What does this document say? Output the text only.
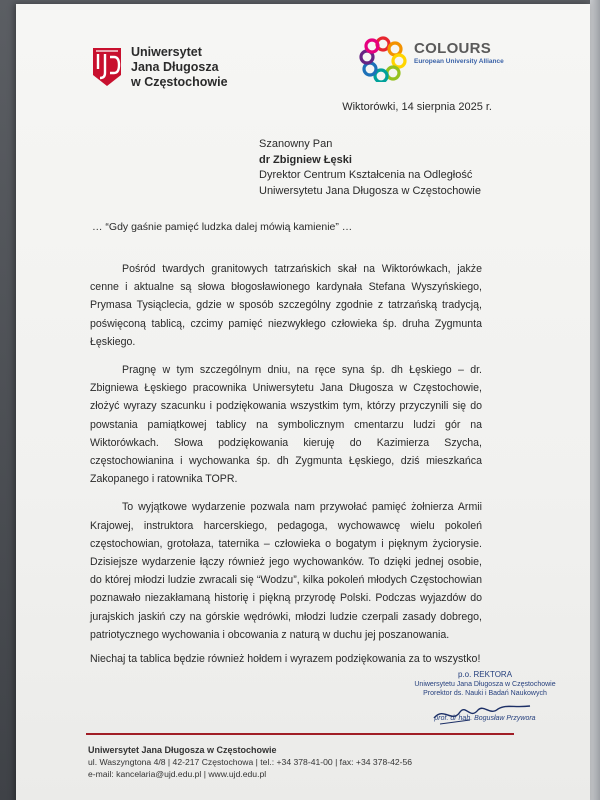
Uniwersytet
Jana Długosza
w Częstochowie
COLOURS
European University Alliance
Wiktorówki, 14 sierpnia 2025 r.
Szanowny Pan
dr Zbigniew Łęski
Dyrektor Centrum Kształcenia na Odległość
Uniwersytetu Jana Długosza w Częstochowie
… “Gdy gaśnie pamięć ludzka dalej mówią kamienie” …

Pośród twardych granitowych tatrzańskich skał na Wiktorówkach, jakże cenne i aktualne są słowa błogosławionego kardynała Stefana Wyszyńskiego, Prymasa Tysiąclecia, gdzie w sposób szczególny zgodnie z tatrzańską tradycją, poświęconą tablicą, czcimy pamięć niezwykłego człowieka śp. druha Zygmunta Łęskiego.

Pragnę w tym szczególnym dniu, na ręce syna śp. dh Łęskiego – dr. Zbigniewa Łęskiego pracownika Uniwersytetu Jana Długosza w Częstochowie, złożyć wyrazy szacunku i podziękowania wszystkim tym, którzy przyczynili się do powstania pamiątkowej tablicy na symbolicznym cmentarzu ludzi gór na Wiktorówkach. Słowa podziękowania kieruję do Kazimierza Szycha, częstochowianina i wychowanka śp. dh Zygmunta Łęskiego, dziś mieszkańca Zakopanego i ratownika TOPR.

To wyjątkowe wydarzenie pozwala nam przywołać pamięć żołnierza Armii Krajowej, instruktora harcerskiego, pedagoga, wychowawcę wielu pokoleń częstochowian, grotołaza, taternika – człowieka o bogatym i pięknym życiorysie. Dzisiejsze wydarzenie łączy również jego wychowanków. To dzięki jednej osobie, do której młodzi ludzie zwracali się “Wodzu”, kilka pokoleń młodych Częstochowian poznawało niezakłamaną historię i piękną przyrodę Polski. Podczas wyjazdów do jurajskich jaskiń czy na górskie wędrówki, młodzi ludzie czerpali zasady dobrego, patriotycznego wychowania i obcowania z naturą w duchu jej poszanowania.

Niechaj ta tablica będzie również hołdem i wyrazem podziękowania za to wszystko!

p.o. REKTORA
Uniwersytetu Jana Długosza w Częstochowie
Prorektor ds. Nauki i Badań Naukowych
prof. dr hab. Bogusław Przywora
Uniwersytet Jana Długosza w Częstochowie
ul. Waszyngtona 4/8 | 42-217 Częstochowa | tel.: +34 378-41-00 | fax: +34 378-42-56
e-mail: kancelaria@ujd.edu.pl | www.ujd.edu.pl
